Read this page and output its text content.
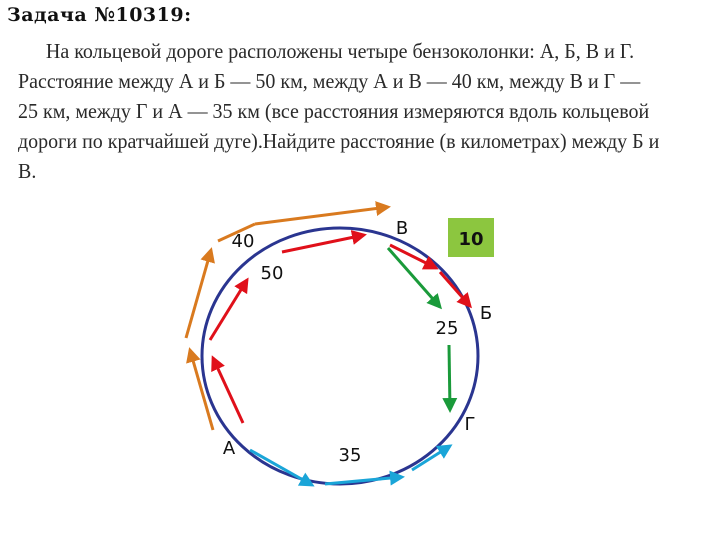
Задача №10319:

На кольцевой дороге расположены четыре бензоколонки: А, Б, В и Г. Расстояние между А и Б — 50 км, между А и В — 40 км, между В и Г — 25 км, между Г и А — 35 км (все расстояния измеряются вдоль кольцевой дороги по кратчайшей дуге).Найдите расстояние (в километрах) между Б и В.

10
В
Б
Г
А
40
50
25
35
